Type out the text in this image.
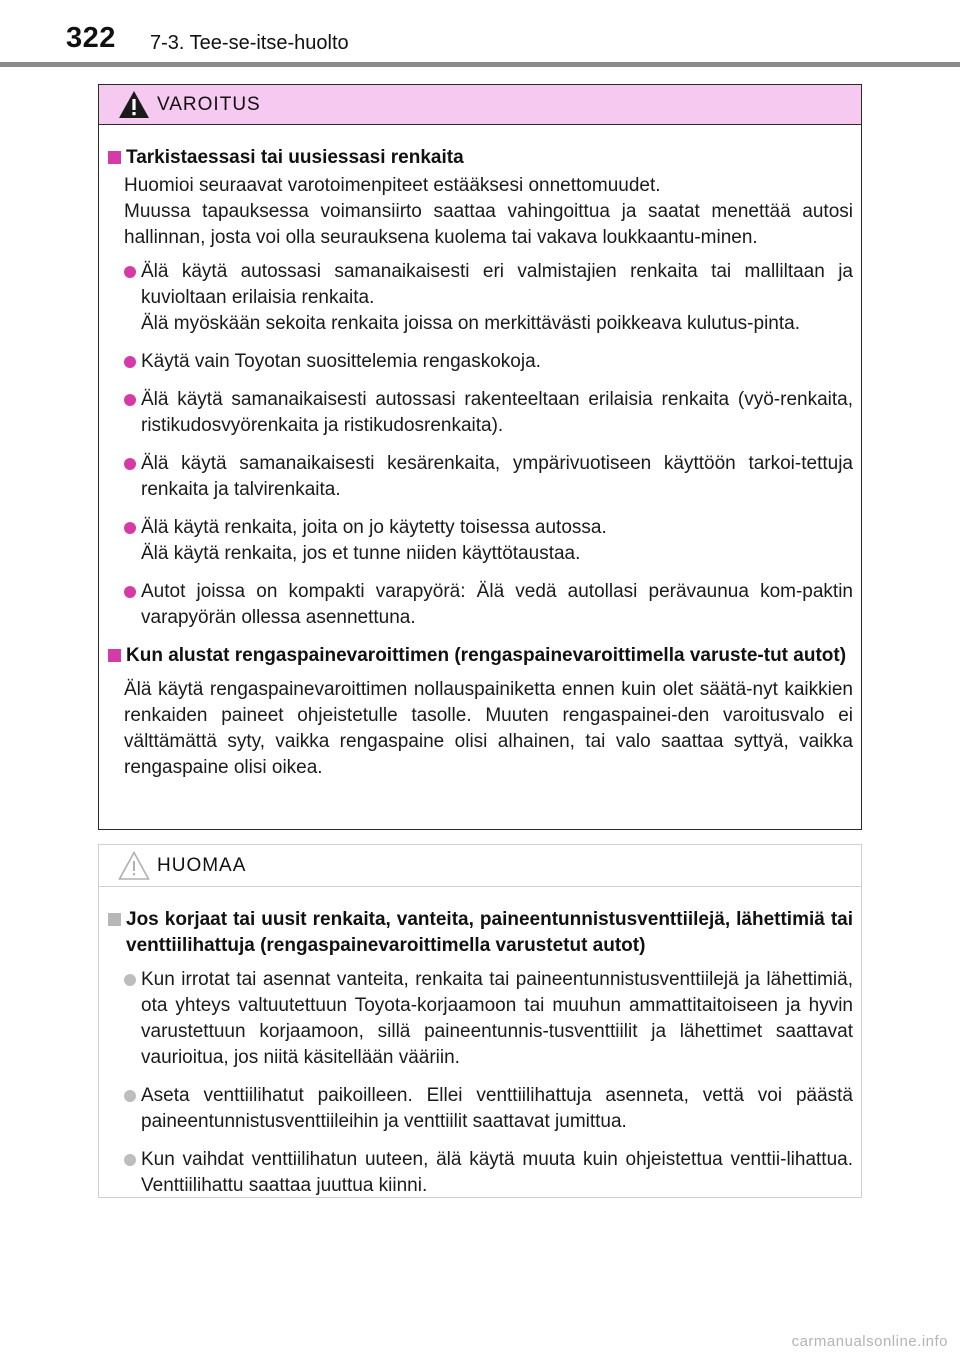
322 7-3. Tee-se-itse-huolto
VAROITUS
Tarkistaessasi tai uusiessasi renkaita
Huomioi seuraavat varotoimenpiteet estääksesi onnettomuudet.
Muussa tapauksessa voimansiirto saattaa vahingoittua ja saatat menettää autosi hallinnan, josta voi olla seurauksena kuolema tai vakava loukkaantu-minen.
Älä käytä autossasi samanaikaisesti eri valmistajien renkaita tai malliltaan ja kuvioltaan erilaisia renkaita.
Älä myöskään sekoita renkaita joissa on merkittävästi poikkeava kulutus-pinta.
Käytä vain Toyotan suosittelemia rengaskokoja.
Älä käytä samanaikaisesti autossasi rakenteeltaan erilaisia renkaita (vyö-renkaita, ristikudosvyörenkaita ja ristikudosrenkaita).
Älä käytä samanaikaisesti kesärenkaita, ympärivuotiseen käyttöön tarkoi-tettuja renkaita ja talvirenkaita.
Älä käytä renkaita, joita on jo käytetty toisessa autossa.
Älä käytä renkaita, jos et tunne niiden käyttötaustaa.
Autot joissa on kompakti varapyörä: Älä vedä autollasi perävaunua kom-paktin varapyörän ollessa asennettuna.
Kun alustat rengaspainevaroittimen (rengaspainevaroittimella varuste-tut autot)
Älä käytä rengaspainevaroittimen nollauspainiketta ennen kuin olet säätä-nyt kaikkien renkaiden paineet ohjeistetulle tasolle. Muuten rengaspainei-den varoitusvalo ei välttämättä syty, vaikka rengaspaine olisi alhainen, tai valo saattaa syttyä, vaikka rengaspaine olisi oikea.
HUOMAA
Jos korjaat tai uusit renkaita, vanteita, paineentunnistusventtiilejä, lähettimiä tai venttiilihattuja (rengaspainevaroittimella varustetut autot)
Kun irrotat tai asennat vanteita, renkaita tai paineentunnistusventtiilejä ja lähettimiä, ota yhteys valtuutettuun Toyota-korjaamoon tai muuhun ammattitaitoiseen ja hyvin varustettuun korjaamoon, sillä paineentunnis-tusventtiilit ja lähettimet saattavat vaurioitua, jos niitä käsitellään vääriin.
Aseta venttiilihatut paikoilleen. Ellei venttiilihattuja asenneta, vettä voi päästä paineentunnistusventtiileihin ja venttiilit saattavat jumittua.
Kun vaihdat venttiilihatun uuteen, älä käytä muuta kuin ohjeistettua venttii-lihattua. Venttiilihattu saattaa juuttua kiinni.
carmanualsonline.info
